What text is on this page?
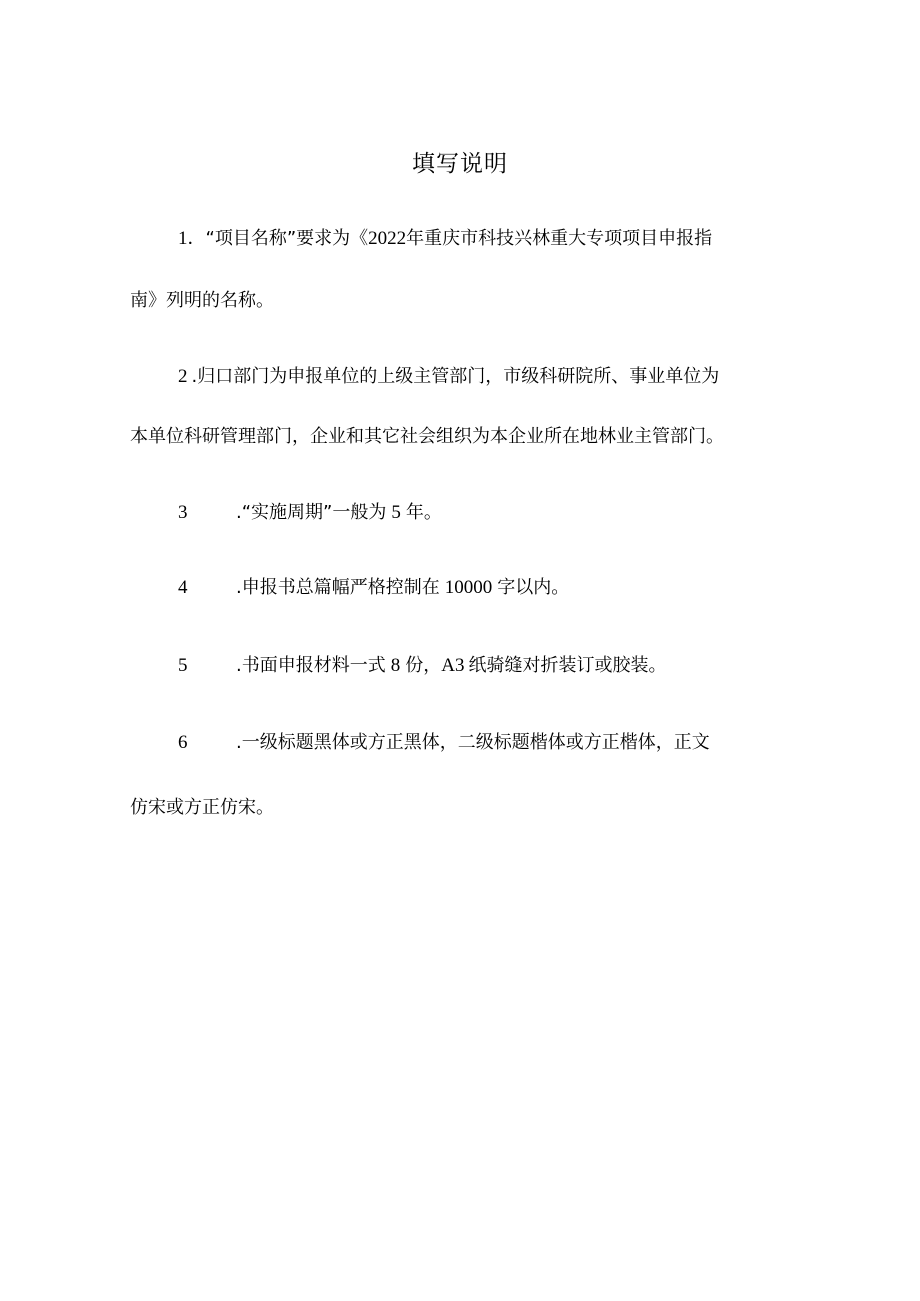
填写说明
1．“项目名称”要求为《2022年重庆市科技兴林重大专项项目申报指
南》列明的名称。
2 .归口部门为申报单位的上级主管部门，市级科研院所、事业单位为
本单位科研管理部门，企业和其它社会组织为本企业所在地林业主管部门。
3	.“实施周期”一般为 5 年。
4	.申报书总篇幅严格控制在 10000 字以内。
5	.书面申报材料一式 8 份，A3 纸骑缝对折装订或胶装。
6	.一级标题黑体或方正黑体，二级标题楷体或方正楷体，正文
仿宋或方正仿宋。
